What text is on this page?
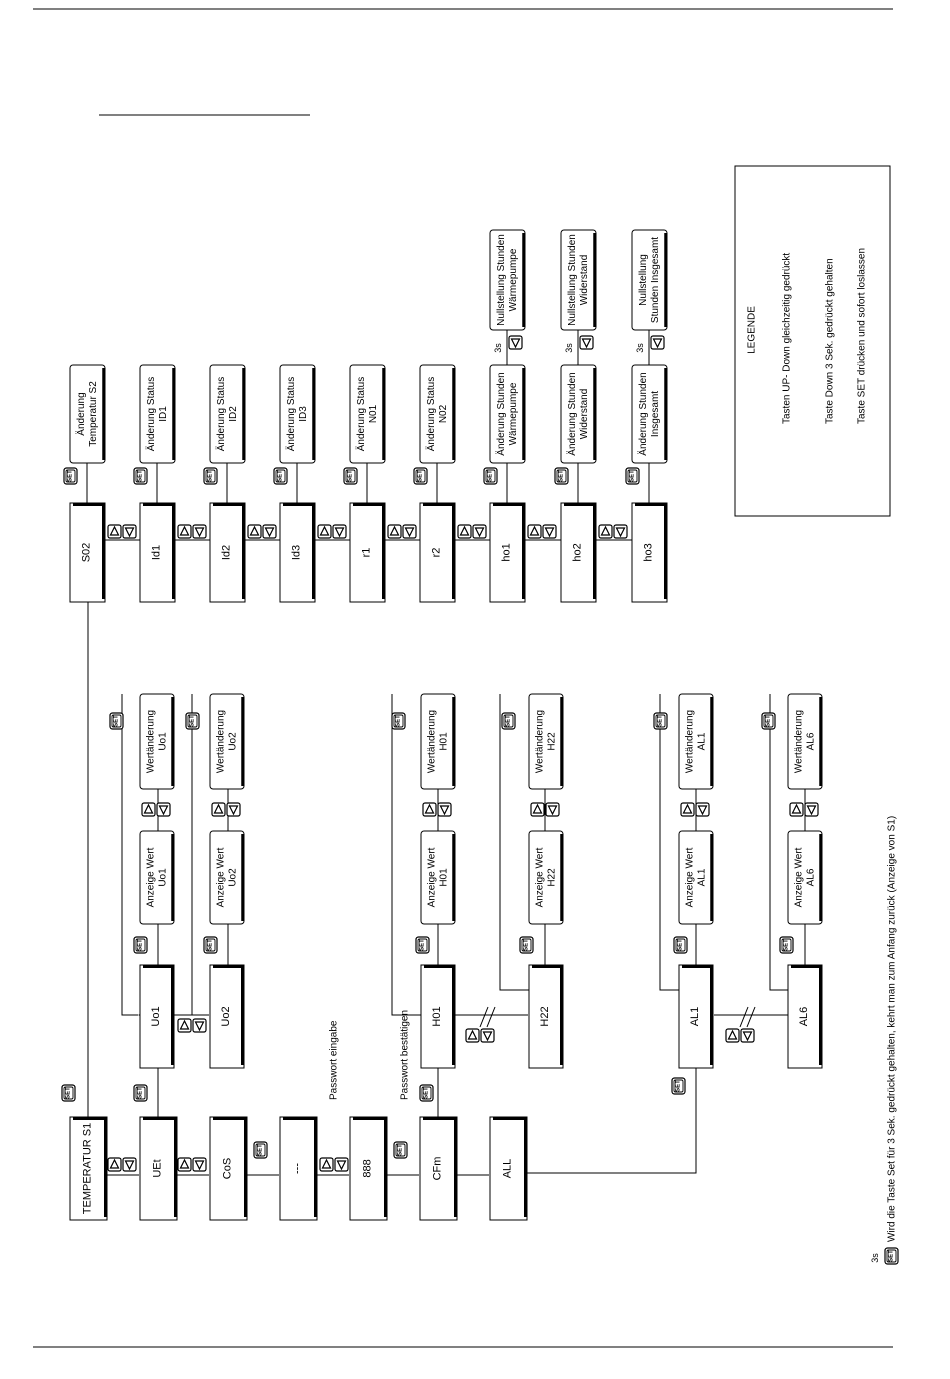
TEMPERATUR S1	UEt	CoS	---	888	CFm	ALL
SET	SET
Passwort eingabe	Passwort bestätigen
SET	SET	SET
SET
Uo1
Anzeige Wert Uo1
Wertänderung Uo1
Uo2
Anzeige Wert Uo2
Wertänderung Uo2
H01
Anzeige Wert H01
Wertänderung H01
H22
Anzeige Wert H22
Wertänderung H22
AL1
Anzeige Wert AL1
Wertänderung AL1
AL6
Anzeige Wert AL6
Wertänderung AL6
SET	SET	SET	SET	SET	SET
SET	SET	SET	SET	SET	SET
S02
Änderung Temperatur S2
SET
Id1
Änderung Status ID1
SET
Id2
Änderung Status ID2
SET
Id3
Änderung Status ID3
SET
r1
Änderung Status N01
SET
r2
Änderung Status N02
SET
ho1
Änderung Stunden Wärmepumpe
SET
Nullstellung Stunden Wärmepumpe
3s
ho2
Änderung Stunden Widerstand
SET
Nullstellung Stunden Widerstand
3s
ho3
Änderung Stunden Insgesamt
SET
Nullstellung Stunden Insgesamt
3s
3s
LEGENDE Tasten UP- Down gleichzeitig gedrückt	Taste Down 3 Sek. gedrückt gehalten Taste SET drücken und sofort loslassen
SET
Wird die Taste Set für 3 Sek. gedrückt gehalten, kehrt man zum Anfang zurück (Anzeige von S1)
